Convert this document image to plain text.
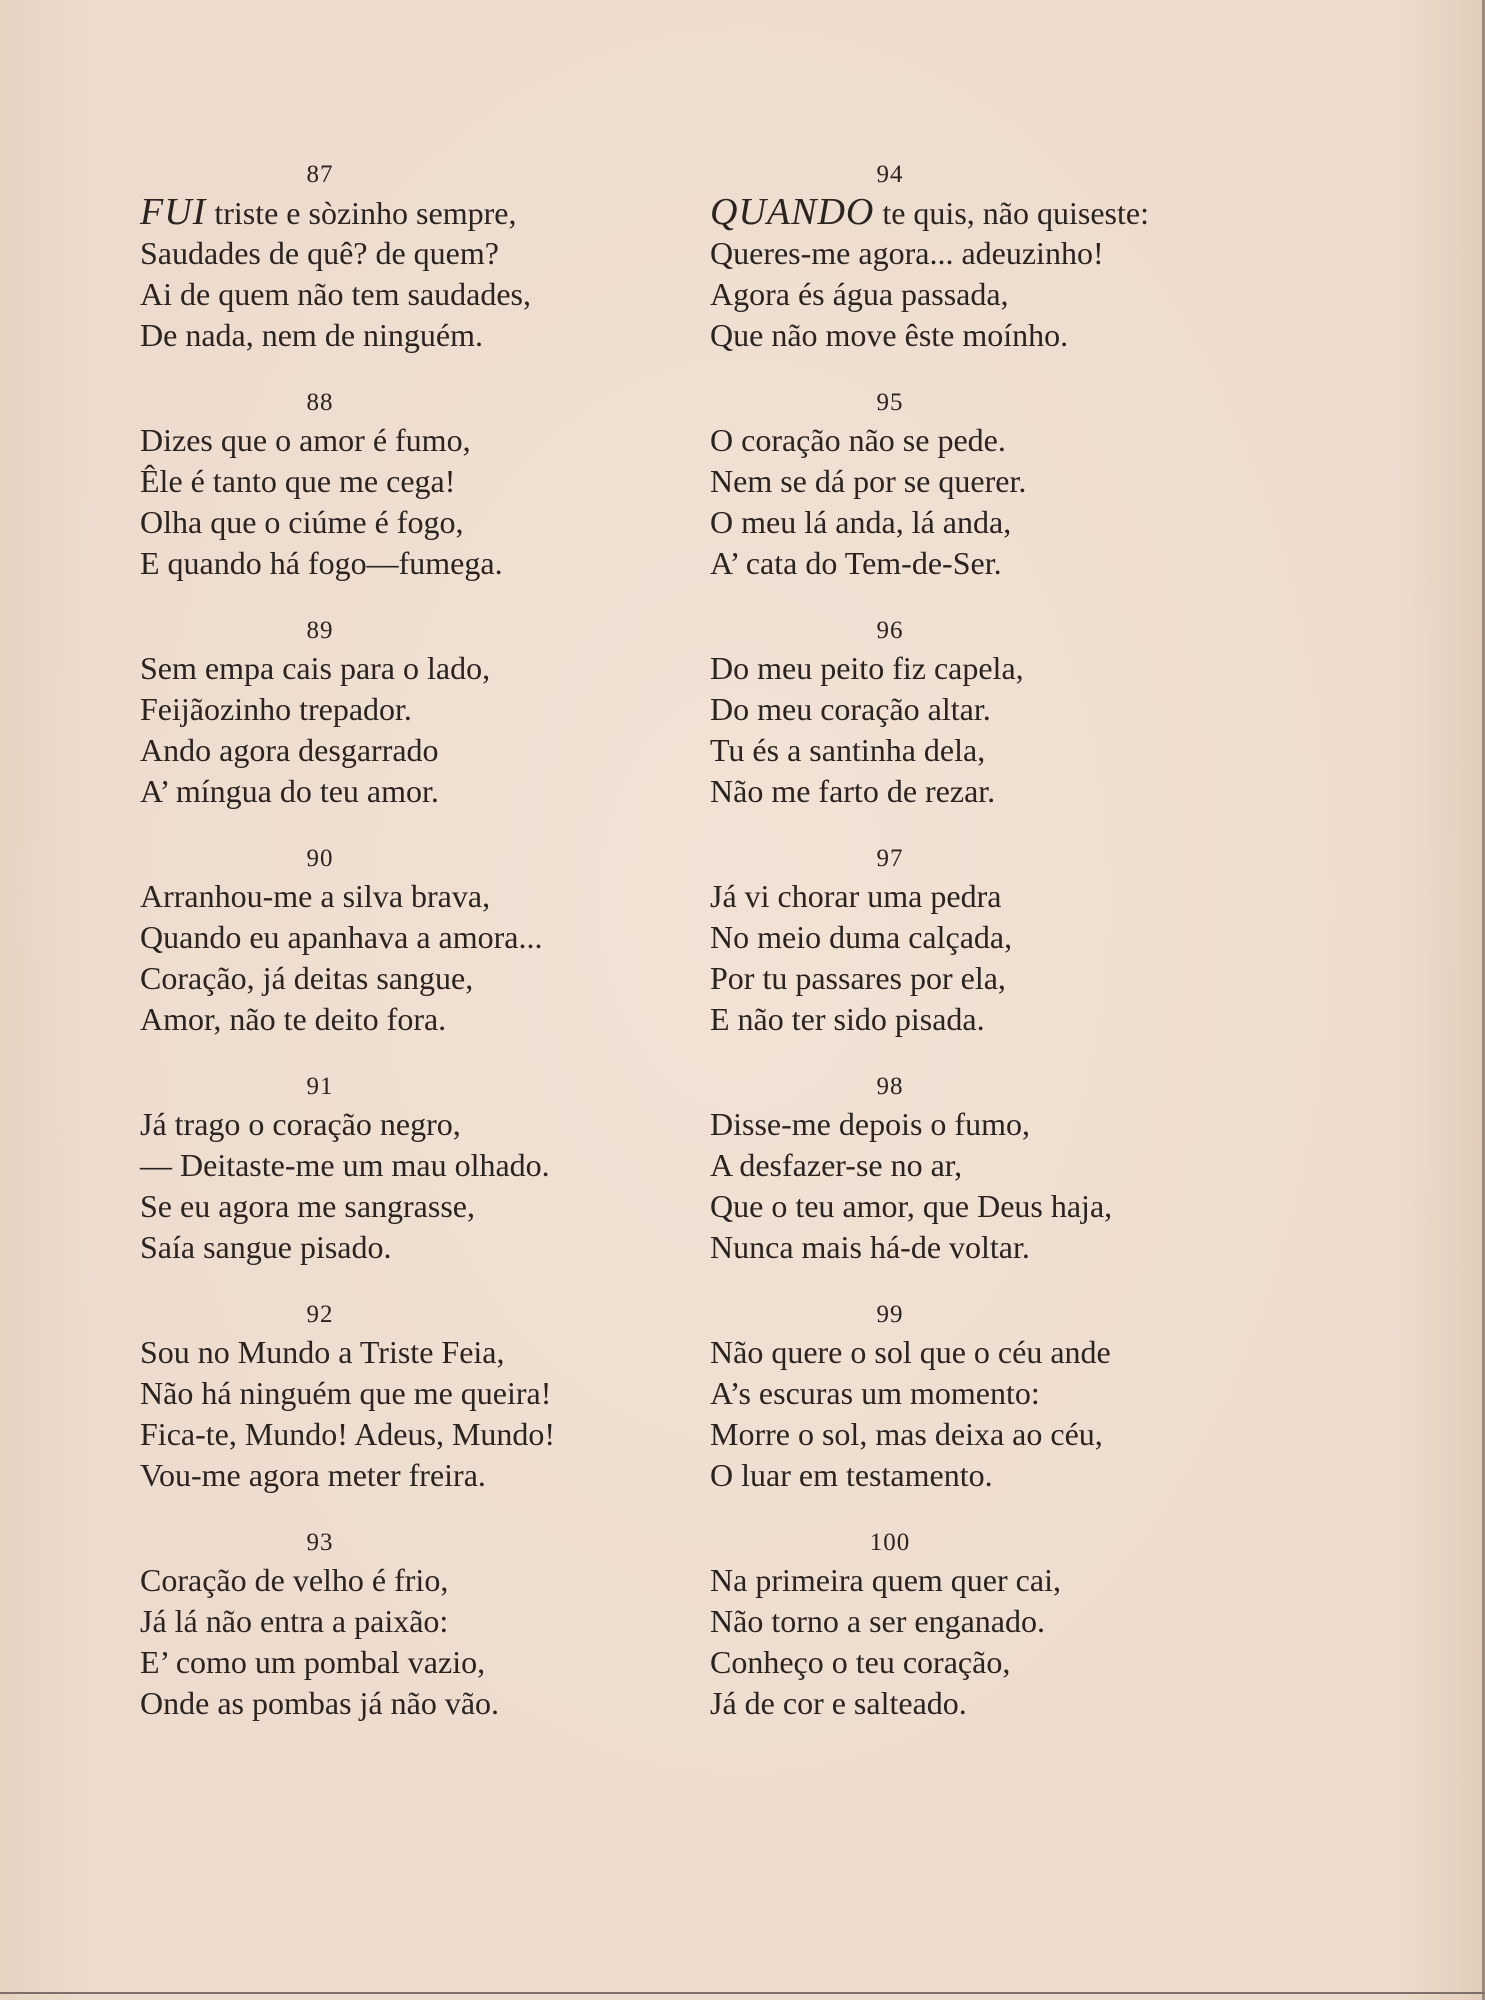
87
FUI triste e sòzinho sempre,
Saudades de quê? de quem?
Ai de quem não tem saudades,
De nada, nem de ninguém.
88
Dizes que o amor é fumo,
Êle é tanto que me cega!
Olha que o ciúme é fogo,
E quando há fogo—fumega.
89
Sem empa cais para o lado,
Feijãozinho trepador.
Ando agora desgarrado
A’ míngua do teu amor.
90
Arranhou-me a silva brava,
Quando eu apanhava a amora...
Coração, já deitas sangue,
Amor, não te deito fora.
91
Já trago o coração negro,
— Deitaste-me um mau olhado.
Se eu agora me sangrasse,
Saía sangue pisado.
92
Sou no Mundo a Triste Feia,
Não há ninguém que me queira!
Fica-te, Mundo! Adeus, Mundo!
Vou-me agora meter freira.
93
Coração de velho é frio,
Já lá não entra a paixão:
E’ como um pombal vazio,
Onde as pombas já não vão.
94
QUANDO te quis, não quiseste:
Queres-me agora... adeuzinho!
Agora és água passada,
Que não move êste moínho.
95
O coração não se pede.
Nem se dá por se querer.
O meu lá anda, lá anda,
A’ cata do Tem-de-Ser.
96
Do meu peito fiz capela,
Do meu coração altar.
Tu és a santinha dela,
Não me farto de rezar.
97
Já vi chorar uma pedra
No meio duma calçada,
Por tu passares por ela,
E não ter sido pisada.
98
Disse-me depois o fumo,
A desfazer-se no ar,
Que o teu amor, que Deus haja,
Nunca mais há-de voltar.
99
Não quere o sol que o céu ande
A’s escuras um momento:
Morre o sol, mas deixa ao céu,
O luar em testamento.
100
Na primeira quem quer cai,
Não torno a ser enganado.
Conheço o teu coração,
Já de cor e salteado.
